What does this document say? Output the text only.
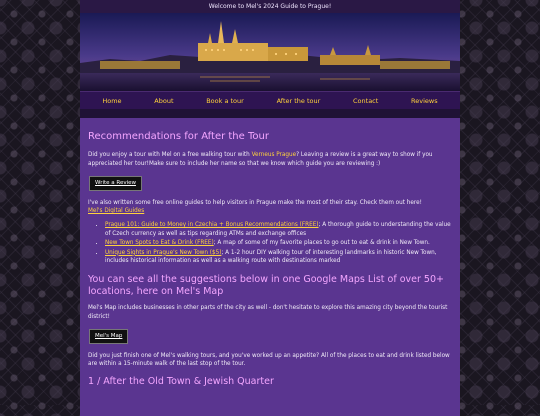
Welcome to Mel's 2024 Guide to Prague!
Home	About	Book a tour	After the tour	Contact	Reviews
Recommendations for After the Tour

Did you enjoy a tour with Mel on a free walking tour with Verneus Prague? Leaving a review is a great way to show if you appreciated her tour!Make sure to include her name so that we know which guide you are reviewing :)

Write a Review

I've also written some free online guides to help visitors in Prague make the most of their stay. Check them out here!
Mel's Digital Guides

• Prague 101: Guide to Money in Czechia + Bonus Recommendations (FREE); A thorough guide to understanding the value of Czech currency as well as tips regarding ATMs and exchange offices
• New Town Spots to Eat & Drink (FREE); A map of some of my favorite places to go out to eat & drink in New Town.
• Unique Sights in Prague's New Town ($5); A 1-2 hour DIY walking tour of interesting landmarks in historic New Town, includes historical information as well as a walking route with destinations marked
You can see all the suggestions below in one Google Maps List of over 50+ locations, here on Mel's Map

Mel's Map includes businesses in other parts of the city as well - don't hesitate to explore this amazing city beyond the tourist district!

Mel's Map

Did you just finish one of Mel's walking tours, and you've worked up an appetite? All of the places to eat and drink listed below are within a 15-minute walk of the last stop of the tour.

1 / After the Old Town & Jewish Quarter
